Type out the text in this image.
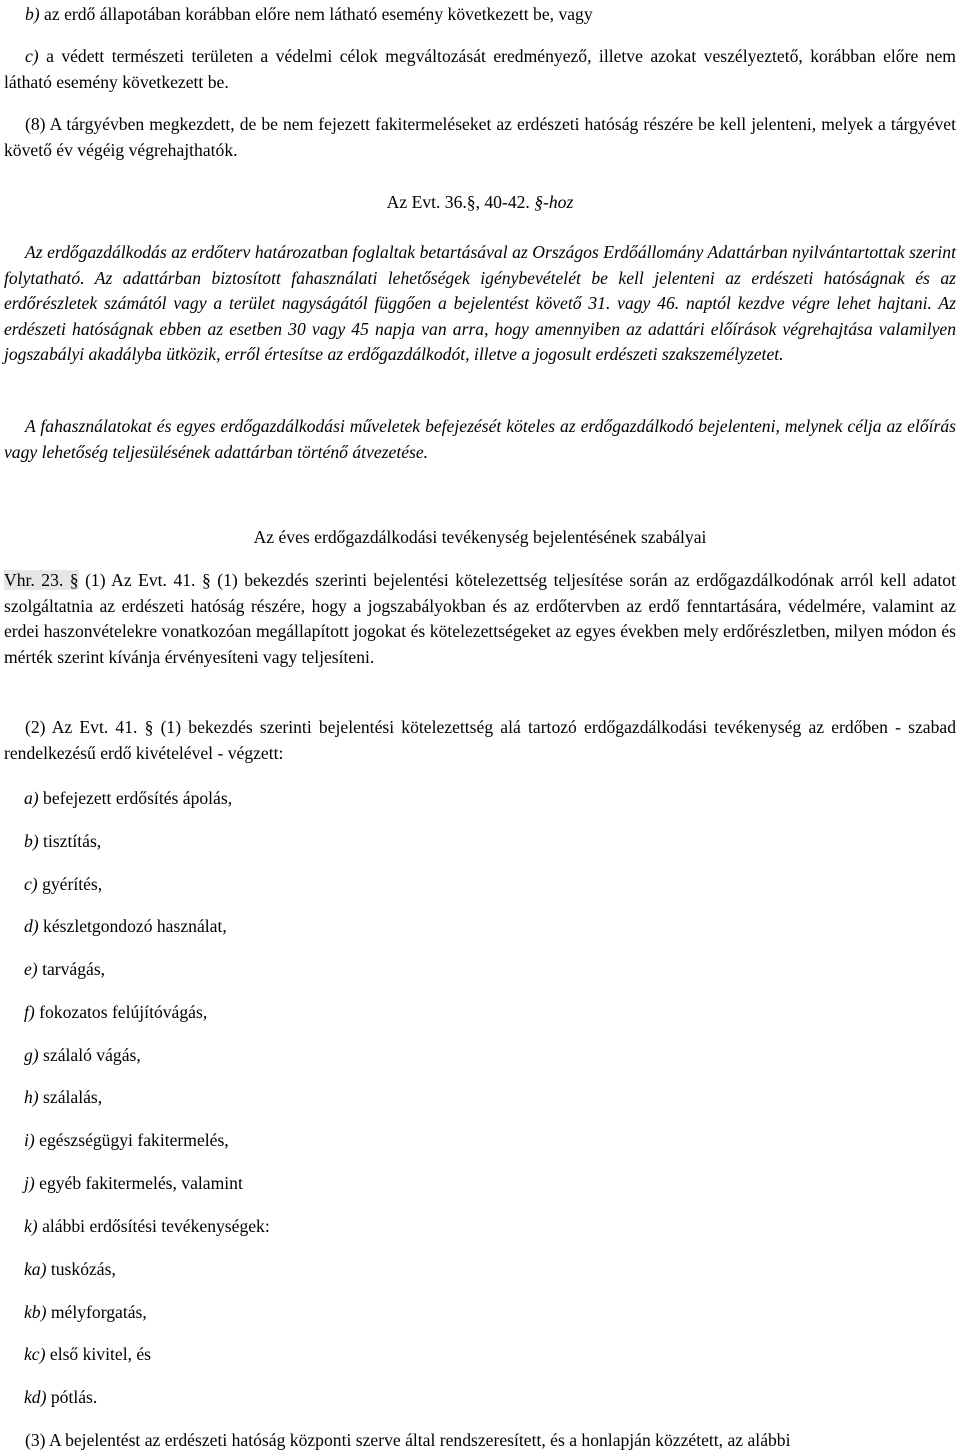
b) az erdő állapotában korábban előre nem látható esemény következett be, vagy

c) a védett természeti területen a védelmi célok megváltozását eredményező, illetve azokat veszélyeztető, korábban előre nem látható esemény következett be.

(8) A tárgyévben megkezdett, de be nem fejezett fakitermeléseket az erdészeti hatóság részére be kell jelenteni, melyek a tárgyévet követő év végéig végrehajthatók.

Az Evt. 36.§, 40-42. §-hoz

Az erdőgazdálkodás az erdőterv határozatban foglaltak betartásával az Országos Erdőállomány Adattárban nyilvántartottak szerint folytatható. Az adattárban biztosított fahasználati lehetőségek igénybevételét be kell jelenteni az erdészeti hatóságnak és az erdőrészletek számától vagy a terület nagyságától függően a bejelentést követő 31. vagy 46. naptól kezdve végre lehet hajtani. Az erdészeti hatóságnak ebben az esetben 30 vagy 45 napja van arra, hogy amennyiben az adattári előírások végrehajtása valamilyen jogszabályi akadályba ütközik, erről értesítse az erdőgazdálkodót, illetve a jogosult erdészeti szakszemélyzetet.

A fahasználatokat és egyes erdőgazdálkodási műveletek befejezését köteles az erdőgazdálkodó bejelenteni, melynek célja az előírás vagy lehetőség teljesülésének adattárban történő átvezetése.

Az éves erdőgazdálkodási tevékenység bejelentésének szabályai

Vhr. 23. § (1) Az Evt. 41. § (1) bekezdés szerinti bejelentési kötelezettség teljesítése során az erdőgazdálkodónak arról kell adatot szolgáltatnia az erdészeti hatóság részére, hogy a jogszabályokban és az erdőtervben az erdő fenntartására, védelmére, valamint az erdei haszonvételekre vonatkozóan megállapított jogokat és kötelezettségeket az egyes években mely erdőrészletben, milyen módon és mérték szerint kívánja érvényesíteni vagy teljesíteni.

(2) Az Evt. 41. § (1) bekezdés szerinti bejelentési kötelezettség alá tartozó erdőgazdálkodási tevékenység az erdőben - szabad rendelkezésű erdő kivételével - végzett:

a) befejezett erdősítés ápolás,

b) tisztítás,

c) gyérítés,

d) készletgondozó használat,

e) tarvágás,

f) fokozatos felújítóvágás,

g) szálaló vágás,

h) szálalás,

i) egészségügyi fakitermelés,

j) egyéb fakitermelés, valamint

k) alábbi erdősítési tevékenységek:

ka) tuskózás,

kb) mélyforgatás,

kc) első kivitel, és

kd) pótlás.

(3) A bejelentést az erdészeti hatóság központi szerve által rendszeresített, és a honlapján közzétett, az alábbi
